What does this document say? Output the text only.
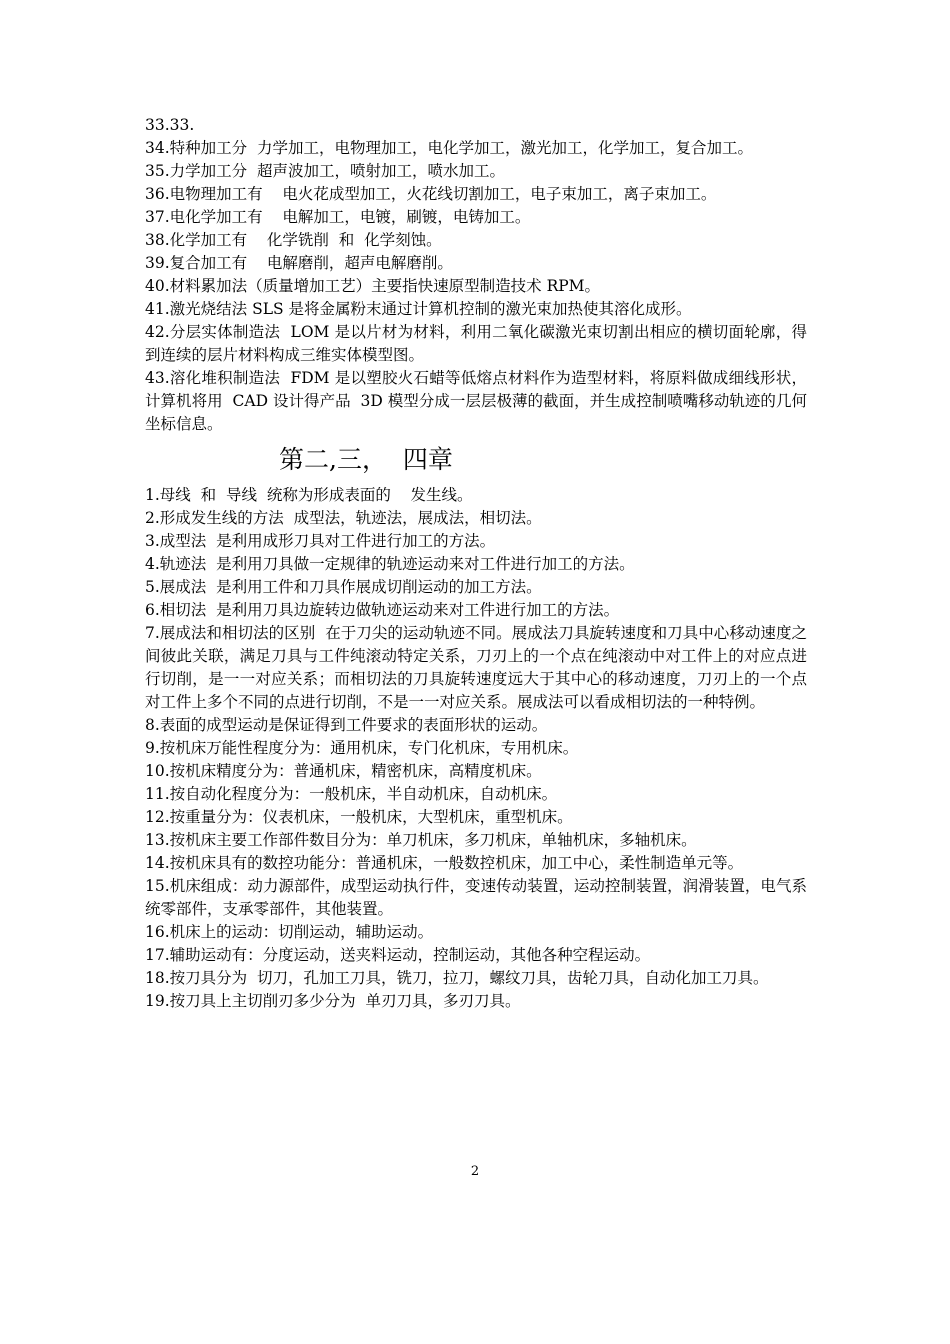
33.33.

34.特种加工分  力学加工，电物理加工，电化学加工，激光加工，化学加工，复合加工。

35.力学加工分  超声波加工，喷射加工，喷水加工。

36.电物理加工有    电火花成型加工，火花线切割加工，电子束加工，离子束加工。

37.电化学加工有    电解加工，电镀，刷镀，电铸加工。

38.化学加工有    化学铣削  和  化学刻蚀。

39.复合加工有    电解磨削，超声电解磨削。

40.材料累加法（质量增加工艺）主要指快速原型制造技术 RPM。

41.激光烧结法 SLS 是将金属粉末通过计算机控制的激光束加热使其溶化成形。

42.分层实体制造法  LOM 是以片材为材料，利用二氧化碳激光束切割出相应的横切面轮廓，得到连续的层片材料构成三维实体模型图。

43.溶化堆积制造法  FDM 是以塑胶火石蜡等低熔点材料作为造型材料，将原料做成细线形状，计算机将用  CAD 设计得产品  3D 模型分成一层层极薄的截面，并生成控制喷嘴移动轨迹的几何坐标信息。

第二,三，  四章

1.母线  和  导线  统称为形成表面的    发生线。

2.形成发生线的方法  成型法，轨迹法，展成法，相切法。

3.成型法  是利用成形刀具对工件进行加工的方法。

4.轨迹法  是利用刀具做一定规律的轨迹运动来对工件进行加工的方法。

5.展成法  是利用工件和刀具作展成切削运动的加工方法。

6.相切法  是利用刀具边旋转边做轨迹运动来对工件进行加工的方法。

7.展成法和相切法的区别  在于刀尖的运动轨迹不同。展成法刀具旋转速度和刀具中心移动速度之间彼此关联，满足刀具与工件纯滚动特定关系，刀刃上的一个点在纯滚动中对工件上的对应点进行切削，是一一对应关系；而相切法的刀具旋转速度远大于其中心的移动速度，刀刃上的一个点对工件上多个不同的点进行切削，不是一一对应关系。展成法可以看成相切法的一种特例。

8.表面的成型运动是保证得到工件要求的表面形状的运动。

9.按机床万能性程度分为：通用机床，专门化机床，专用机床。

10.按机床精度分为：普通机床，精密机床，高精度机床。

11.按自动化程度分为：一般机床，半自动机床，自动机床。

12.按重量分为：仪表机床，一般机床，大型机床，重型机床。

13.按机床主要工作部件数目分为：单刀机床，多刀机床，单轴机床，多轴机床。

14.按机床具有的数控功能分：普通机床，一般数控机床，加工中心，柔性制造单元等。

15.机床组成：动力源部件，成型运动执行件，变速传动装置，运动控制装置，润滑装置，电气系统零部件，支承零部件，其他装置。

16.机床上的运动：切削运动，辅助运动。

17.辅助运动有：分度运动，送夹料运动，控制运动，其他各种空程运动。

18.按刀具分为  切刀，孔加工刀具，铣刀，拉刀，螺纹刀具，齿轮刀具，自动化加工刀具。

19.按刀具上主切削刃多少分为  单刃刀具，多刃刀具。

2
